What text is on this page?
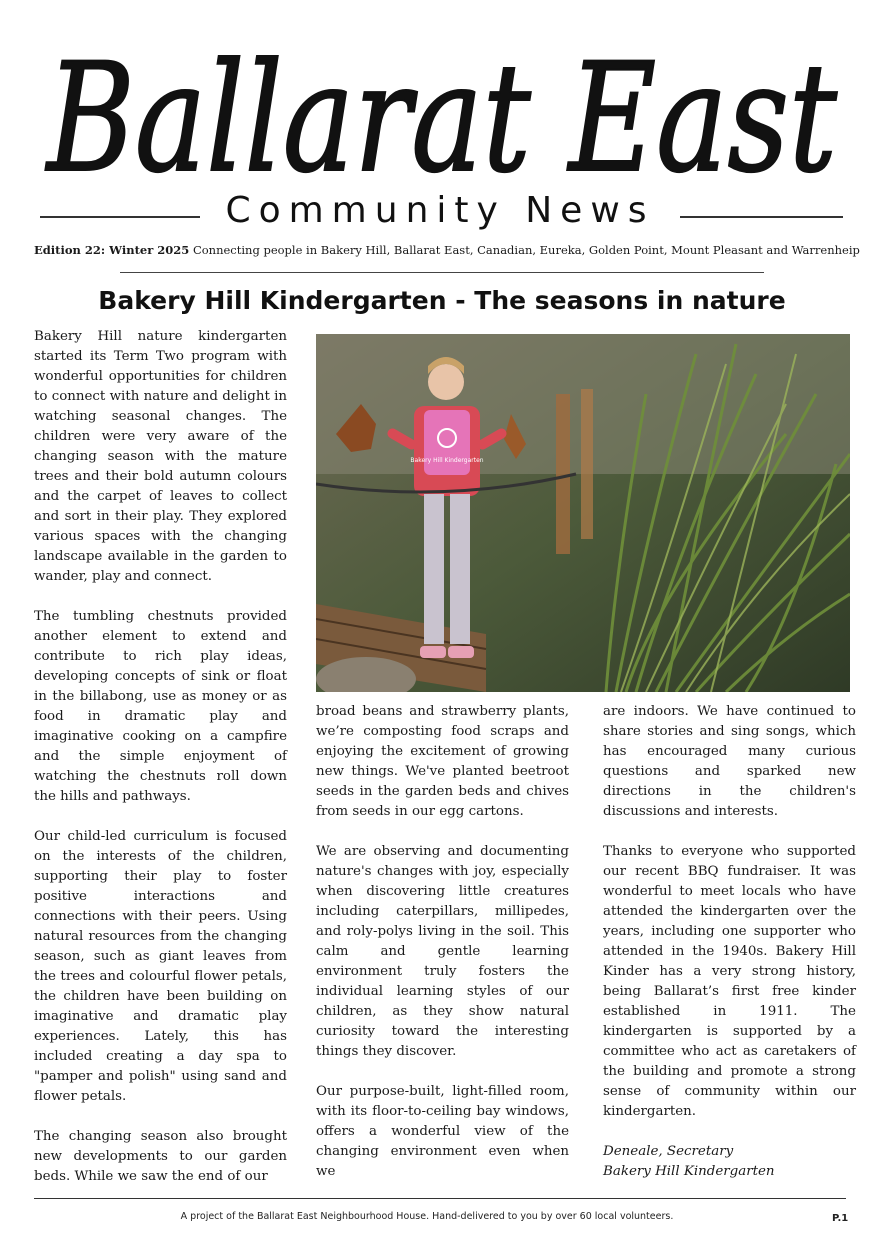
Ballarat East
Community News
Edition 22: Winter 2025 Connecting people in Bakery Hill, Ballarat East, Canadian, Eureka, Golden Point, Mount Pleasant and Warrenheip
Bakery Hill Kindergarten - The seasons in nature

Bakery Hill nature kindergarten started its Term Two program with wonderful opportunities for children to connect with nature and delight in watching seasonal changes. The children were very aware of the changing season with the mature trees and their bold autumn colours and the carpet of leaves to collect and sort in their play. They explored various spaces with the changing landscape available in the garden to wander, play and connect.

The tumbling chestnuts provided another element to extend and contribute to rich play ideas, developing concepts of sink or float in the billabong, use as money or as food in dramatic play and imaginative cooking on a campfire and the simple enjoyment of watching the chestnuts roll down the hills and pathways.

Our child-led curriculum is focused on the interests of the children, supporting their play to foster positive interactions and connections with their peers. Using natural resources from the changing season, such as giant leaves from the trees and colourful flower petals, the children have been building on imaginative and dramatic play experiences. Lately, this has included creating a day spa to "pamper and polish" using sand and flower petals.

The changing season also brought new developments to our garden beds. While we saw the end of our

Bakery Hill Kindergarten

broad beans and strawberry plants, we’re composting food scraps and enjoying the excitement of growing new things. We've planted beetroot seeds in the garden beds and chives from seeds in our egg cartons.

We are observing and documenting nature's changes with joy, especially when discovering little creatures including caterpillars, millipedes, and roly-polys living in the soil. This calm and gentle learning environment truly fosters the individual learning styles of our children, as they show natural curiosity toward the interesting things they discover.

Our purpose-built, light-filled room, with its floor-to-ceiling bay windows, offers a wonderful view of the changing environment even when we

are indoors. We have continued to share stories and sing songs, which has encouraged many curious questions and sparked new directions in the children's discussions and interests.

Thanks to everyone who supported our recent BBQ fundraiser. It was wonderful to meet locals who have attended the kindergarten over the years, including one supporter who attended in the 1940s. Bakery Hill Kinder has a very strong history, being Ballarat’s first free kinder established in 1911. The kindergarten is supported by a committee who act as caretakers of the building and promote a strong sense of community within our kindergarten.

Deneale, Secretary
Bakery Hill Kindergarten
A project of the Ballarat East Neighbourhood House. Hand-delivered to you by over 60 local volunteers.	P.1
